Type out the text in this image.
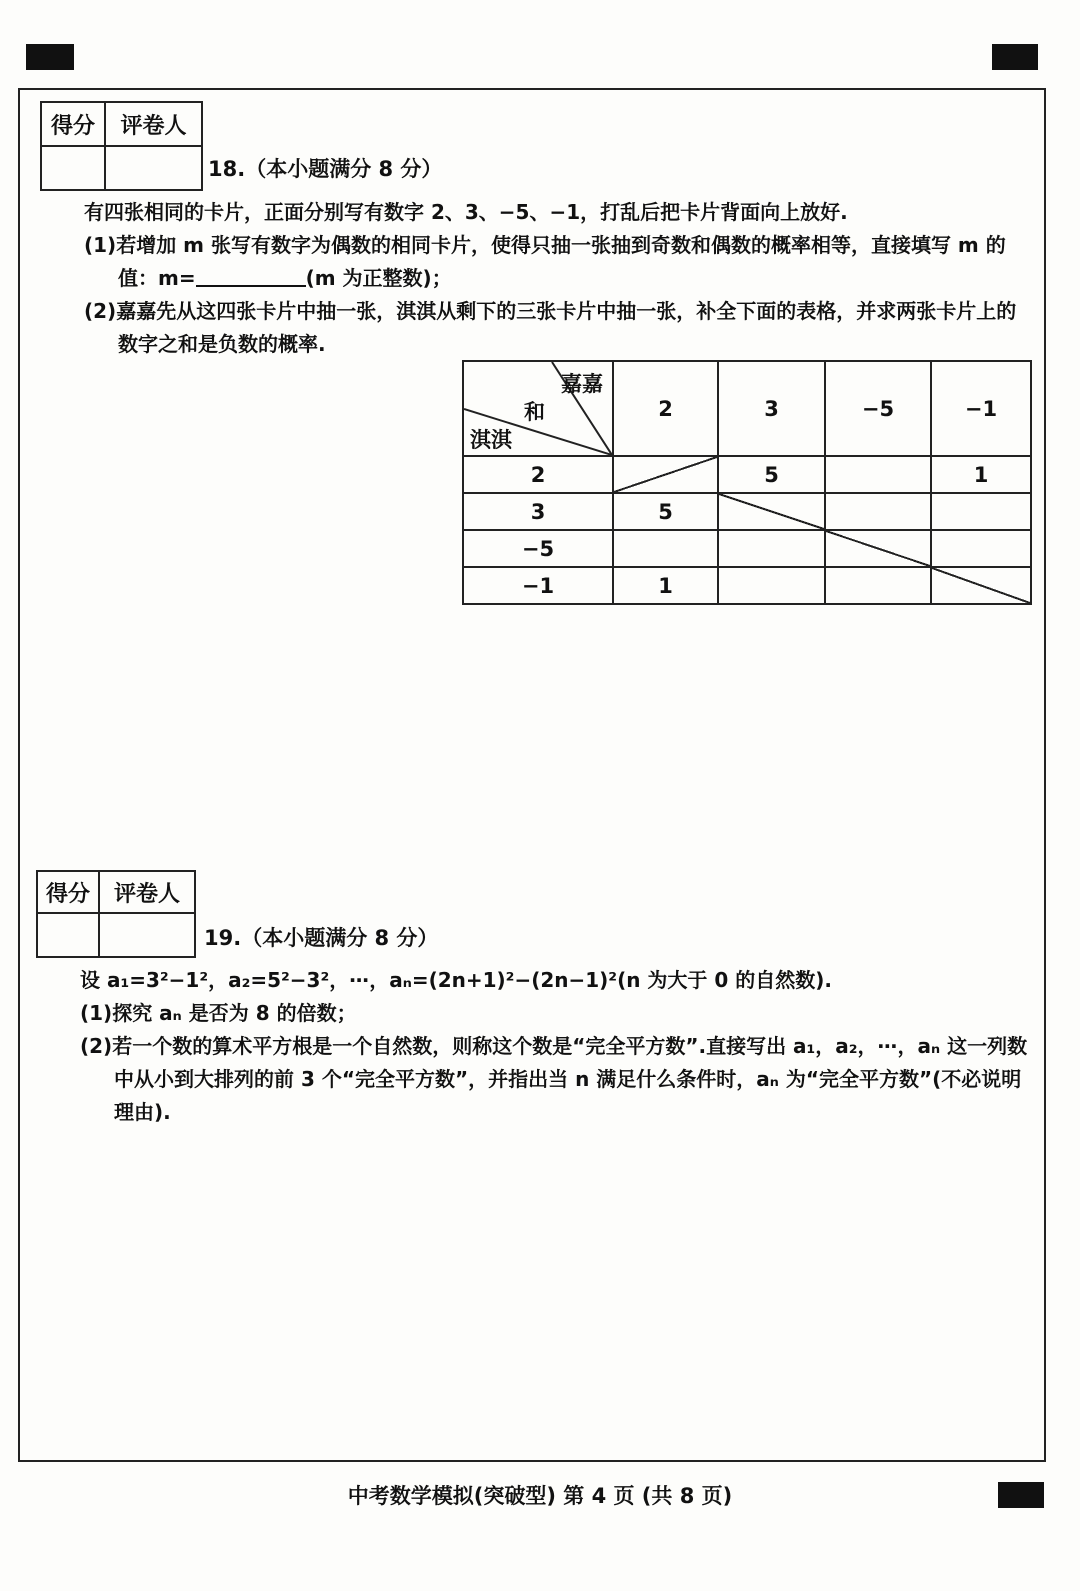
得分	评卷人

18.（本小题满分 8 分）
有四张相同的卡片，正面分别写有数字 2、3、−5、−1，打乱后把卡片背面向上放好.
(1)若增加 m 张写有数字为偶数的相同卡片，使得只抽一张抽到奇数和偶数的概率相等，直接填写 m 的值：m=	(m 为正整数)；
(2)嘉嘉先从这四张卡片中抽一张，淇淇从剩下的三张卡片中抽一张，补全下面的表格，并求两张卡片上的数字之和是负数的概率.
嘉嘉
和
淇淇	2	3	−5	−1
2		5		1
3	5			
−5				
−1	1			
得分	评卷人

19.（本小题满分 8 分）
设 a₁=3²−1²，a₂=5²−3²，⋯，aₙ=(2n+1)²−(2n−1)²(n 为大于 0 的自然数).
(1)探究 aₙ 是否为 8 的倍数；
(2)若一个数的算术平方根是一个自然数，则称这个数是“完全平方数”.直接写出 a₁，a₂，⋯，aₙ 这一列数中从小到大排列的前 3 个“完全平方数”，并指出当 n 满足什么条件时，aₙ 为“完全平方数”(不必说明理由).
中考数学模拟(突破型) 第 4 页 (共 8 页)
